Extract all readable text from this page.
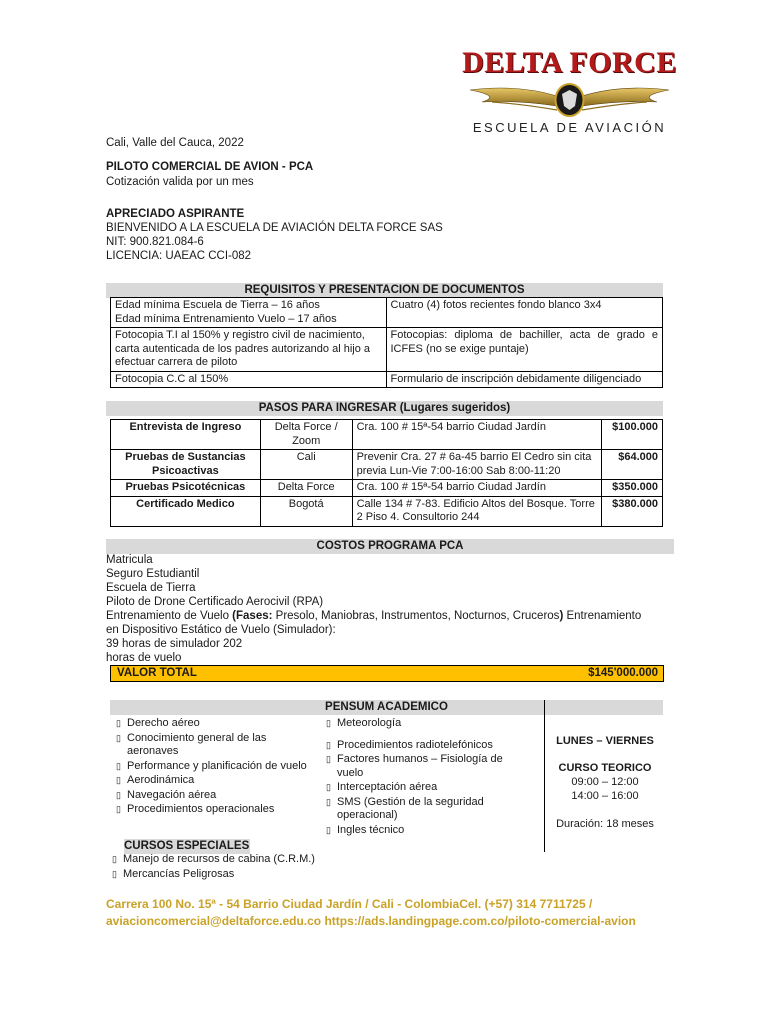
DELTA FORCE
ESCUELA DE AVIACIÓN
Cali, Valle del Cauca, 2022
PILOTO COMERCIAL DE AVION - PCA
Cotización valida por un mes
APRECIADO ASPIRANTE
BIENVENIDO A LA ESCUELA DE AVIACIÓN DELTA FORCE SAS
NIT: 900.821.084-6
LICENCIA: UAEAC CCI-082
REQUISITOS Y PRESENTACION DE DOCUMENTOS
Edad mínima Escuela de Tierra – 16 años
Edad mínima Entrenamiento Vuelo – 17 años	Cuatro (4) fotos recientes fondo blanco 3x4
Fotocopia T.I al 150% y registro civil de nacimiento, carta autenticada de los padres autorizando al hijo a efectuar carrera de piloto	Fotocopias: diploma de bachiller, acta de grado e ICFES (no se exige puntaje)
Fotocopia C.C al 150%	Formulario de inscripción debidamente diligenciado
PASOS PARA INGRESAR (Lugares sugeridos)
Entrevista de Ingreso	Delta Force / Zoom	Cra. 100 # 15ª-54 barrio Ciudad Jardín	$100.000
Pruebas de Sustancias Psicoactivas	Cali	Prevenir Cra. 27 # 6a-45 barrio El Cedro sin cita previa Lun-Vie 7:00-16:00 Sab 8:00-11:20	$64.000
Pruebas Psicotécnicas	Delta Force	Cra. 100 # 15ª-54 barrio Ciudad Jardín	$350.000
Certificado Medico	Bogotá	Calle 134 # 7-83. Edificio Altos del Bosque. Torre 2 Piso 4. Consultorio 244	$380.000
COSTOS PROGRAMA PCA
Matricula
Seguro Estudiantil
Escuela de Tierra
Piloto de Drone Certificado Aerocivil (RPA)
Entrenamiento de Vuelo (Fases: Presolo, Maniobras, Instrumentos, Nocturnos, Cruceros) Entrenamiento
en Dispositivo Estático de Vuelo (Simulador):
39 horas de simulador 202
horas de vuelo
VALOR TOTAL	$145'000.000
PENSUM ACADEMICO
▯ Derecho aéreo
▯ Conocimiento general de las aeronaves
▯ Performance y planificación de vuelo
▯ Aerodinámica
▯ Navegación aérea
▯ Procedimientos operacionales
▯ Meteorología
▯ Procedimientos radiotelefónicos
▯ Factores humanos – Fisiología de vuelo
▯ Interceptación aérea
▯ SMS (Gestión de la seguridad operacional)
▯ Ingles técnico
LUNES – VIERNES
CURSO TEORICO
09:00 – 12:00
14:00 – 16:00
Duración: 18 meses
CURSOS ESPECIALES
▯ Manejo de recursos de cabina (C.R.M.)
▯ Mercancías Peligrosas
Carrera 100 No. 15ª - 54 Barrio Ciudad Jardín / Cali - ColombiaCel. (+57) 314 7711725 /
aviacioncomercial@deltaforce.edu.co https://ads.landingpage.com.co/piloto-comercial-avion
